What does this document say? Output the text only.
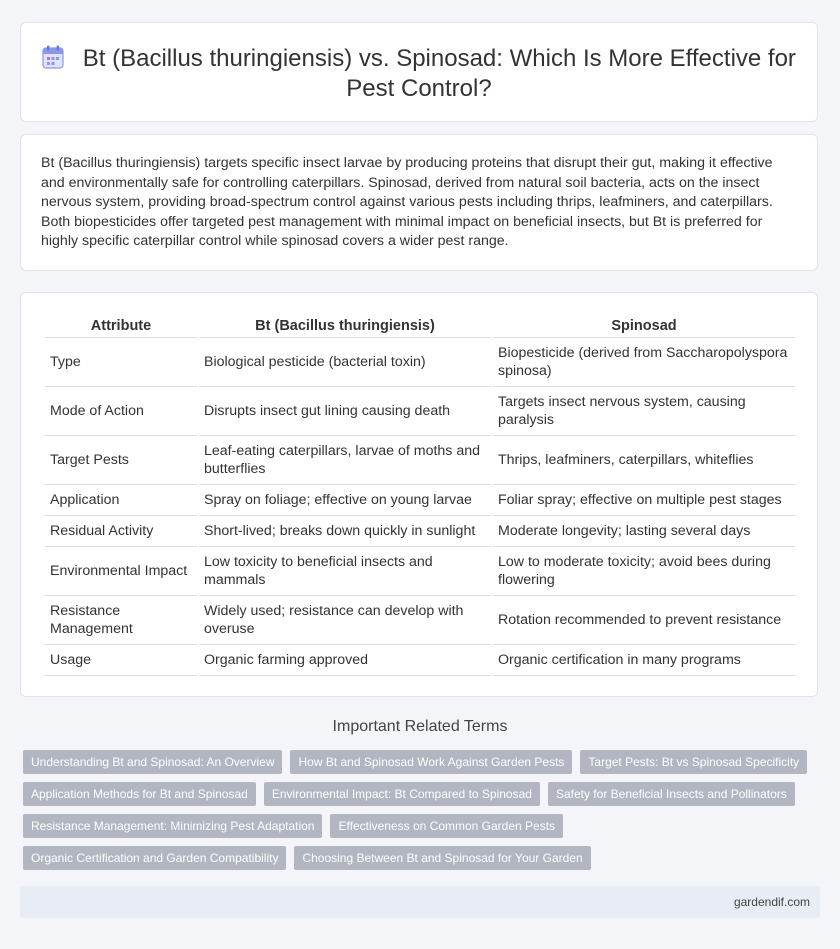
Bt (Bacillus thuringiensis) vs. Spinosad: Which Is More Effective for Pest Control?

Bt (Bacillus thuringiensis) targets specific insect larvae by producing proteins that disrupt their gut, making it effective and environmentally safe for controlling caterpillars. Spinosad, derived from natural soil bacteria, acts on the insect nervous system, providing broad-spectrum control against various pests including thrips, leafminers, and caterpillars. Both biopesticides offer targeted pest management with minimal impact on beneficial insects, but Bt is preferred for highly specific caterpillar control while spinosad covers a wider pest range.

Attribute	Bt (Bacillus thuringiensis)	Spinosad
Type	Biological pesticide (bacterial toxin)	Biopesticide (derived from Saccharopolyspora spinosa)
Mode of Action	Disrupts insect gut lining causing death	Targets insect nervous system, causing paralysis
Target Pests	Leaf-eating caterpillars, larvae of moths and butterflies	Thrips, leafminers, caterpillars, whiteflies
Application	Spray on foliage; effective on young larvae	Foliar spray; effective on multiple pest stages
Residual Activity	Short-lived; breaks down quickly in sunlight	Moderate longevity; lasting several days
Environmental Impact	Low toxicity to beneficial insects and mammals	Low to moderate toxicity; avoid bees during flowering
Resistance Management	Widely used; resistance can develop with overuse	Rotation recommended to prevent resistance
Usage	Organic farming approved	Organic certification in many programs
Important Related Terms
Understanding Bt and Spinosad: An Overview	How Bt and Spinosad Work Against Garden Pests	Target Pests: Bt vs Spinosad Specificity
Application Methods for Bt and Spinosad	Environmental Impact: Bt Compared to Spinosad	Safety for Beneficial Insects and Pollinators
Resistance Management: Minimizing Pest Adaptation	Effectiveness on Common Garden Pests
Organic Certification and Garden Compatibility	Choosing Between Bt and Spinosad for Your Garden
gardendif.com
